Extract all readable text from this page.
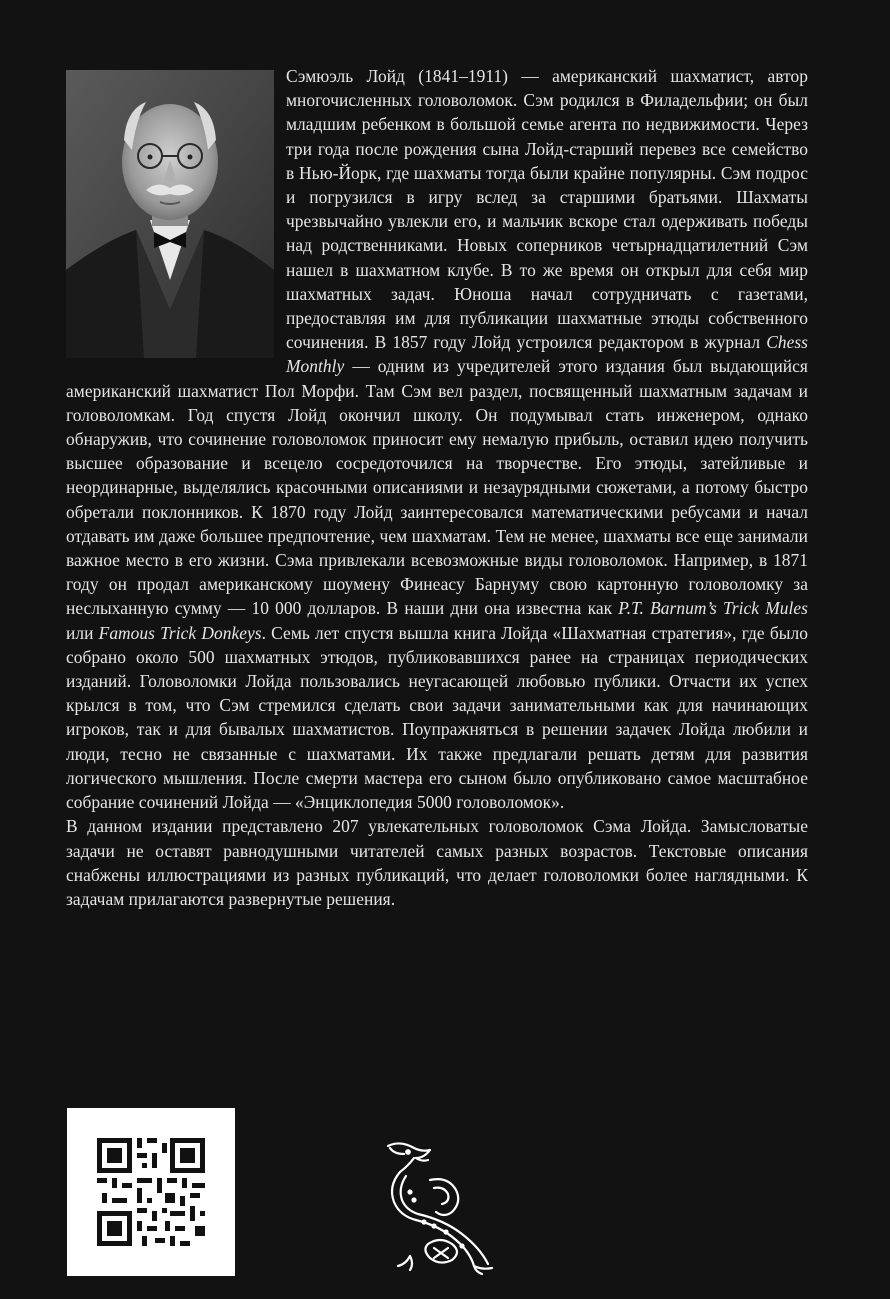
Сэмюэль Лойд (1841–1911) — американский шахматист, автор многочисленных головоломок. Сэм родился в Филадельфии; он был младшим ребенком в большой семье агента по недвижимости. Через три года после рождения сына Лойд-старший перевез все семейство в Нью-Йорк, где шахматы тогда были крайне популярны. Сэм подрос и погрузился в игру вслед за старшими братьями. Шахматы чрезвычайно увлекли его, и мальчик вскоре стал одерживать победы над родственниками. Новых соперников четырнадцатилетний Сэм нашел в шахматном клубе. В то же время он открыл для себя мир шахматных задач. Юноша начал сотрудничать с газетами, предоставляя им для публикации шахматные этюды собственного сочинения. В 1857 году Лойд устроился редактором в журнал Chess Monthly — одним из учредителей этого издания был выдающийся американский шахматист Пол Морфи. Там Сэм вел раздел, посвященный шахматным задачам и головоломкам. Год спустя Лойд окончил школу. Он подумывал стать инженером, однако обнаружив, что сочинение головоломок приносит ему немалую прибыль, оставил идею получить высшее образование и всецело сосредоточился на творчестве. Его этюды, затейливые и неординарные, выделялись красочными описаниями и незаурядными сюжетами, а потому быстро обретали поклонников. К 1870 году Лойд заинтересовался математическими ребусами и начал отдавать им даже большее предпочтение, чем шахматам. Тем не менее, шахматы все еще занимали важное место в его жизни. Сэма привлекали всевозможные виды головоломок. Например, в 1871 году он продал американскому шоумену Финеасу Барнуму свою картонную головоломку за неслыханную сумму — 10 000 долларов. В наши дни она известна как P.T. Barnum’s Trick Mules или Famous Trick Donkeys. Семь лет спустя вышла книга Лойда «Шахматная стратегия», где было собрано около 500 шахматных этюдов, публиковавшихся ранее на страницах периодических изданий. Головоломки Лойда пользовались неугасающей любовью публики. Отчасти их успех крылся в том, что Сэм стремился сделать свои задачи занимательными как для начинающих игроков, так и для бывалых шахматистов. Поупражняться в решении задачек Лойда любили и люди, тесно не связанные с шахматами. Их также предлагали решать детям для развития логического мышления. После смерти мастера его сыном было опубликовано самое масштабное собрание сочинений Лойда — «Энциклопедия 5000 головоломок».

В данном издании представлено 207 увлекательных головоломок Сэма Лойда. Замысловатые задачи не оставят равнодушными читателей самых разных возрастов. Текстовые описания снабжены иллюстрациями из разных публикаций, что делает головоломки более наглядными. К задачам прилагаются развернутые решения.
